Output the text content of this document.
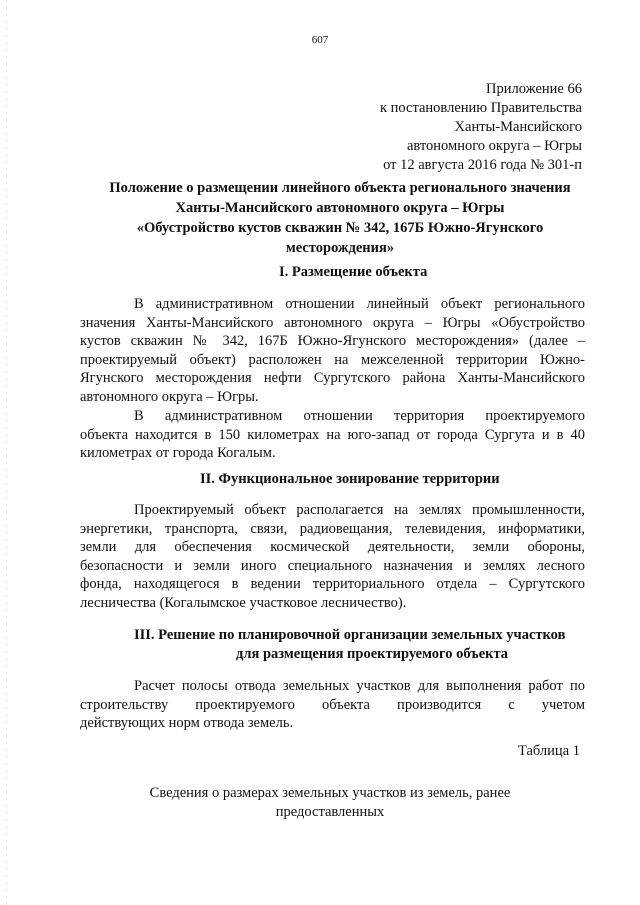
607
Приложение 66
к постановлению Правительства
Ханты-Мансийского
автономного округа – Югры
от 12 августа 2016 года № 301-п
Положение о размещении линейного объекта регионального значения
Ханты-Мансийского автономного округа – Югры
«Обустройство кустов скважин № 342, 167Б Южно-Ягунского
месторождения»
I. Размещение объекта
В административном отношении линейный объект регионального
значения Ханты-Мансийского автономного округа – Югры «Обустройство
кустов скважин № 342, 167Б Южно-Ягунского месторождения» (далее –
проектируемый объект) расположен на межселенной территории Южно-
Ягунского месторождения нефти Сургутского района Ханты-Мансийского
автономного округа – Югры.
В административном отношении территория проектируемого
объекта находится в 150 километрах на юго-запад от города Сургута и в 40
километрах от города Когалым.
II. Функциональное зонирование территории
Проектируемый объект располагается на землях промышленности,
энергетики, транспорта, связи, радиовещания, телевидения, информатики,
земли для обеспечения космической деятельности, земли обороны,
безопасности и земли иного специального назначения и землях лесного
фонда, находящегося в ведении территориального отдела – Сургутского
лесничества (Когалымское участковое лесничество).
III. Решение по планировочной организации земельных участков
для размещения проектируемого объекта
Расчет полосы отвода земельных участков для выполнения работ по
строительству проектируемого объекта производится с учетом
действующих норм отвода земель.
Таблица 1
Сведения о размерах земельных участков из земель, ранее
предоставленных
